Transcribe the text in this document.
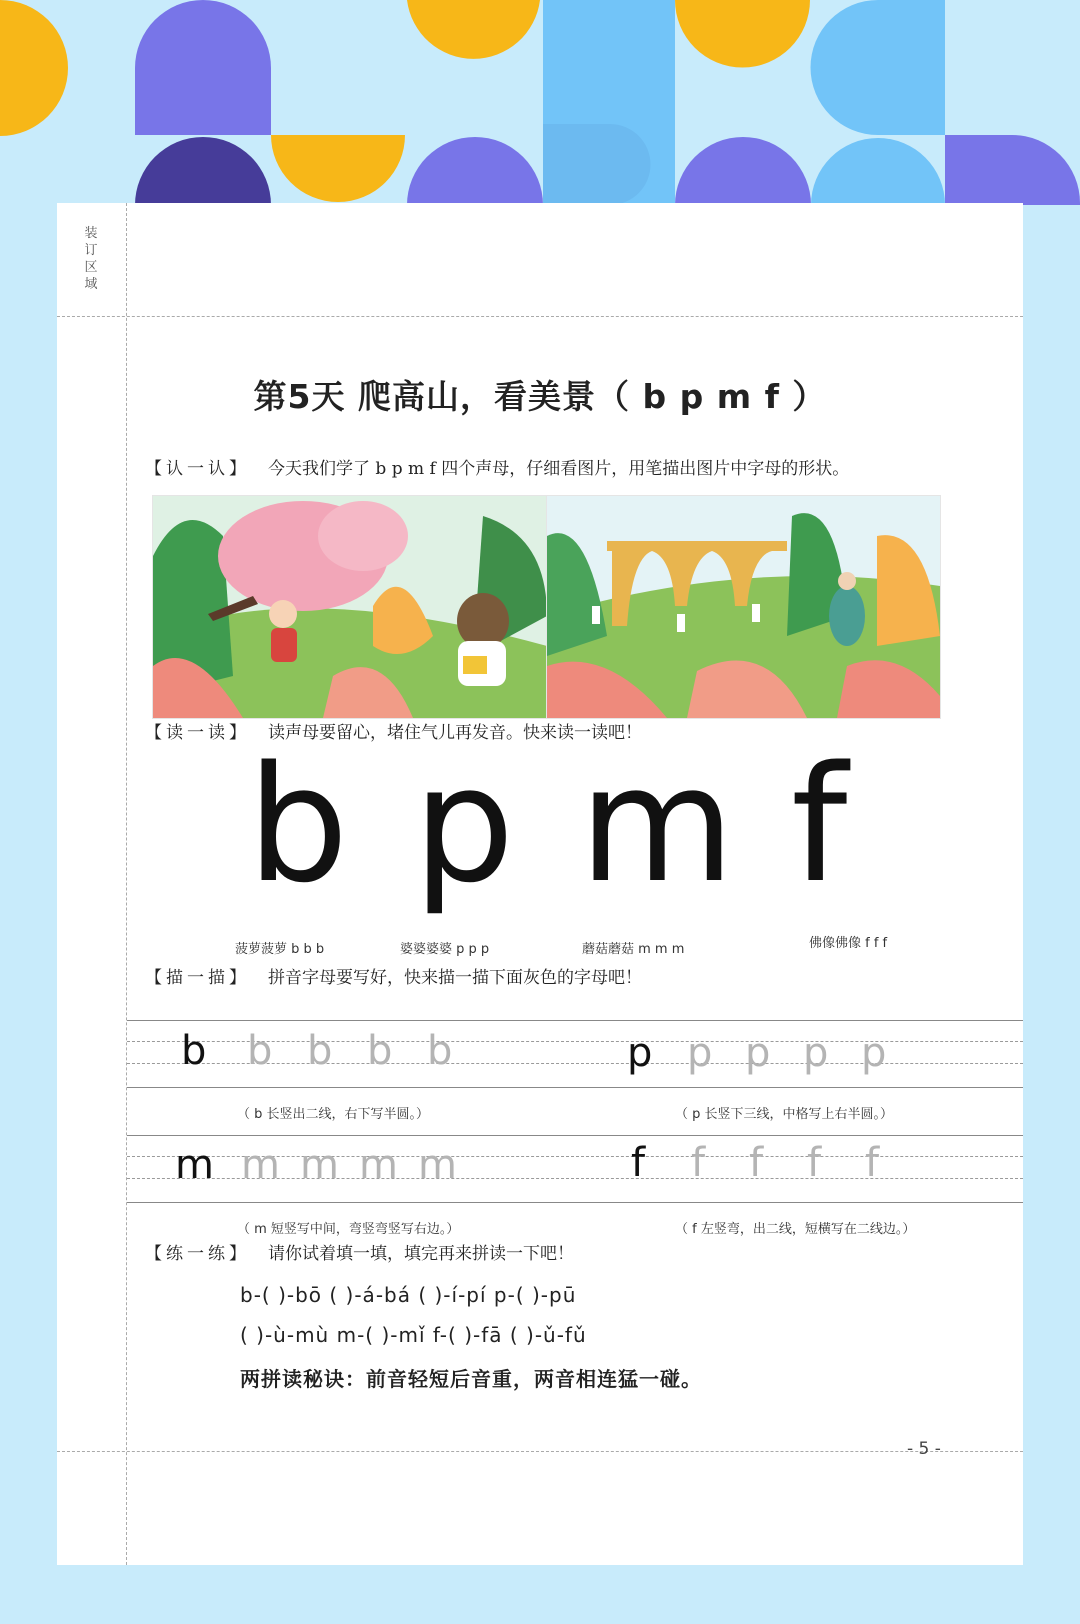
装订区域
第5天 爬高山，看美景（ b p m f ）
【认一认】 今天我们学了 b p m f 四个声母，仔细看图片，用笔描出图片中字母的形状。
【读一读】 读声母要留心，堵住气儿再发音。快来读一读吧！
b p m f
菠萝菠萝 b b b	婆婆婆婆 p p p	蘑菇蘑菇 m m m	佛像佛像 f f f
【描一描】 拼音字母要写好，快来描一描下面灰色的字母吧！
b b b b b	p p p p p
（ b 长竖出二线，右下写半圆。）	（ p 长竖下三线，中格写上右半圆。）
m m m m m	f f f f f
（ m 短竖写中间，弯竖弯竖写右边。）	（ f 左竖弯，出二线，短横写在二线边。）
【练一练】 请你试着填一填，填完再来拼读一下吧！
b-( )-bō ( )-á-bá ( )-í-pí p-( )-pū
( )-ù-mù m-( )-mǐ f-( )-fā ( )-ǔ-fǔ
两拼读秘诀：前音轻短后音重，两音相连猛一碰。
- 5 -
